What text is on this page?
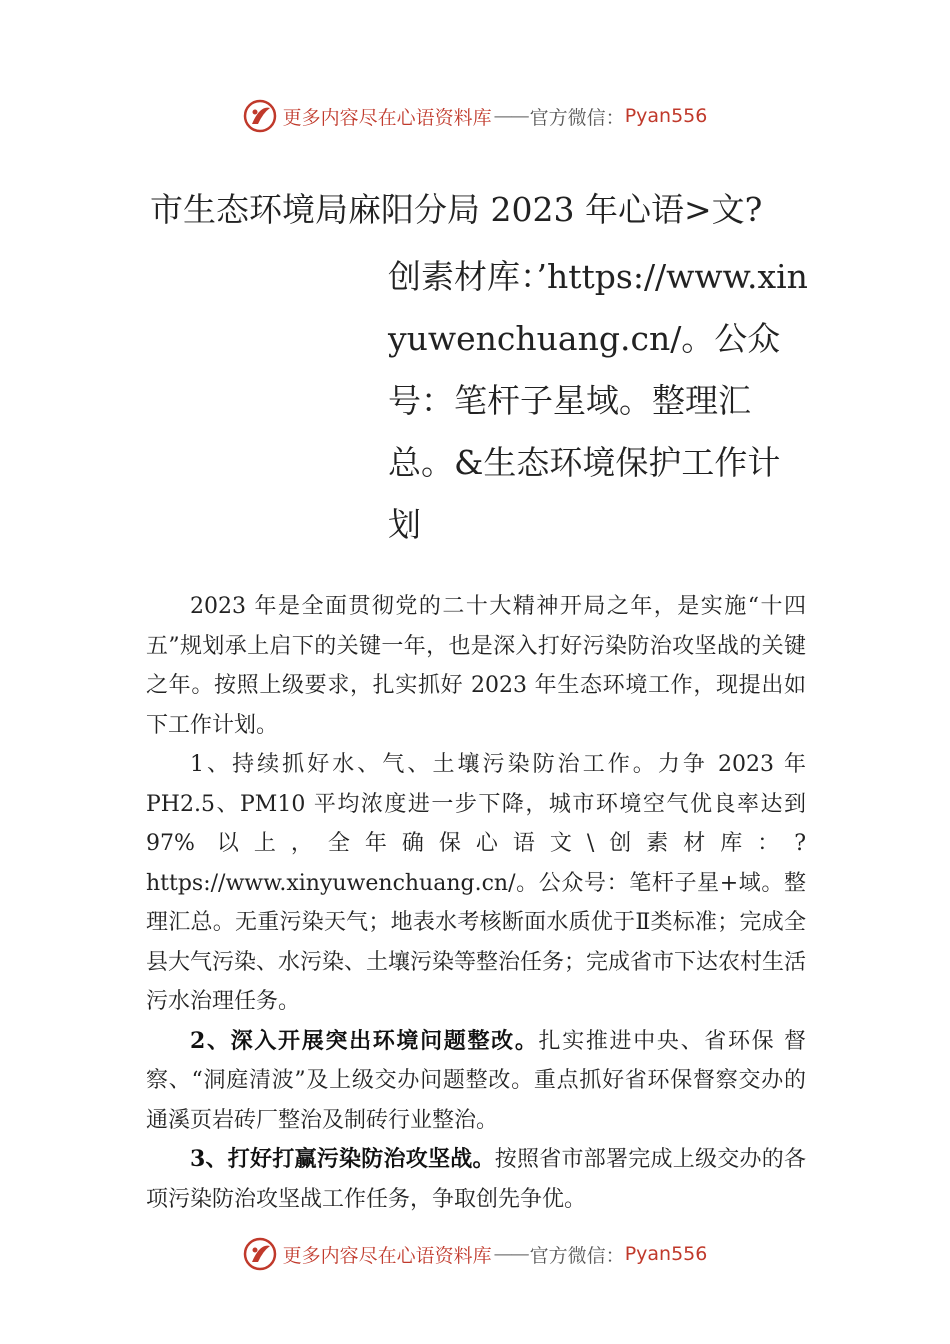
更多内容尽在心语资料库 —— 官方微信： Pyan556
市生态环境局麻阳分局 2023 年心语>文?
创素材库：’https://www.xinyuwenchuang.cn/。公众号：笔杆子星域。整理汇总。&生态环境保护工作计划

2023 年是全面贯彻党的二十大精神开局之年，是实施“十四五”规划承上启下的关键一年，也是深入打好污染防治攻坚战的关键之年。按照上级要求，扎实抓好 2023 年生态环境工作，现提出如下工作计划。

1、持续抓好水、气、土壤污染防治工作。力争 2023 年 PH2.5、PM10 平均浓度进一步下降，城市环境空气优良率达到 97% 以上，全年确保心语文\创素材库：?https://www.xinyuwenchuang.cn/。公众号：笔杆子星+域。整理汇总。无重污染天气；地表水考核断面水质优于Ⅱ类标准；完成全县大气污染、水污染、土壤污染等整治任务；完成省市下达农村生活污水治理任务。

2、深入开展突出环境问题整改。扎实推进中央、省环保 督察、“洞庭清波”及上级交办问题整改。重点抓好省环保督察交办的通溪页岩砖厂整治及制砖行业整治。

3、打好打赢污染防治攻坚战。按照省市部署完成上级交办的各项污染防治攻坚战工作任务，争取创先争优。

更多内容尽在心语资料库 —— 官方微信： Pyan556
